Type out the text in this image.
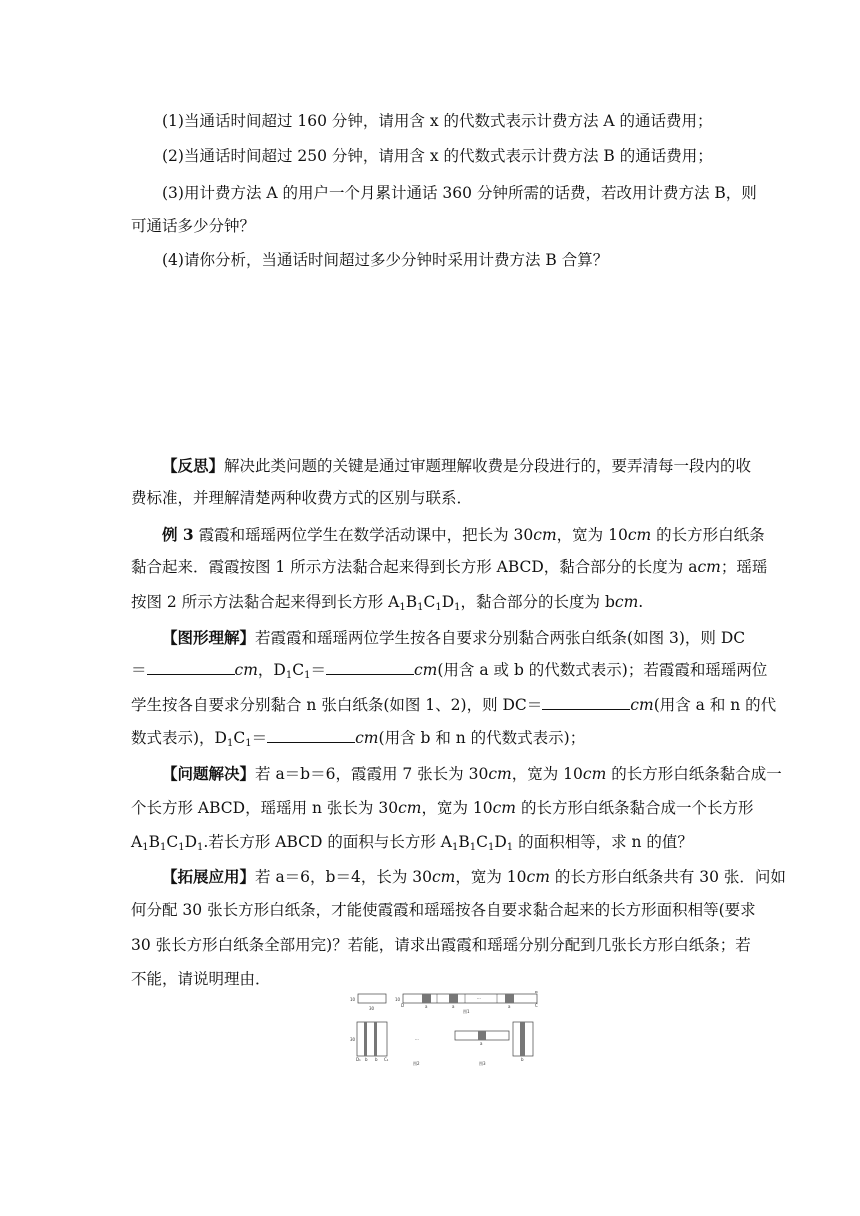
(1)当通话时间超过 160 分钟，请用含 x 的代数式表示计费方法 A 的通话费用；
(2)当通话时间超过 250 分钟，请用含 x 的代数式表示计费方法 B 的通话费用；
(3)用计费方法 A 的用户一个月累计通话 360 分钟所需的话费，若改用计费方法 B，则
可通话多少分钟？
(4)请你分析，当通话时间超过多少分钟时采用计费方法 B 合算？
【反思】解决此类问题的关键是通过审题理解收费是分段进行的，要弄清每一段内的收
费标准，并理解清楚两种收费方式的区别与联系．
例 3 霞霞和瑶瑶两位学生在数学活动课中，把长为 30cm，宽为 10cm 的长方形白纸条
黏合起来．霞霞按图 1 所示方法黏合起来得到长方形 ABCD，黏合部分的长度为 acm；瑶瑶
按图 2 所示方法黏合起来得到长方形 $A_1B_1C_1D_1$，黏合部分的长度为 bcm.
【图形理解】若霞霞和瑶瑶两位学生按各自要求分别黏合两张白纸条(如图 3)，则 DC
＝	cm，$D_1C_1=$	cm(用含 a 或 b 的代数式表示)；若霞霞和瑶瑶两位
学生按各自要求分别黏合 n 张白纸条(如图 1、2)，则 DC＝	cm(用含 a 和 n 的代
数式表示)，$D_1C_1=$	cm(用含 b 和 n 的代数式表示)；
【问题解决】若 a＝b＝6，霞霞用 7 张长为 30cm，宽为 10cm 的长方形白纸条黏合成一
个长方形 ABCD，瑶瑶用 n 张长为 30cm，宽为 10cm 的长方形白纸条黏合成一个长方形
$A_1B_1C_1D_1$.若长方形 ABCD 的面积与长方形 $A_1B_1C_1D_1$ 的面积相等，求 n 的值？
【拓展应用】若 a＝6，b＝4，长为 30cm，宽为 10cm 的长方形白纸条共有 30 张．问如
何分配 30 张长方形白纸条，才能使霞霞和瑶瑶按各自要求黏合起来的长方形面积相等(要求
30 张长方形白纸条全部用完)？若能，请求出霞霞和瑶瑶分别分配到几张长方形白纸条；若
不能，请说明理由．
10
30
10	···
D
B
C
a	a	a
图1
30
D₁ b b C₁
···
图2
a
b
图3
